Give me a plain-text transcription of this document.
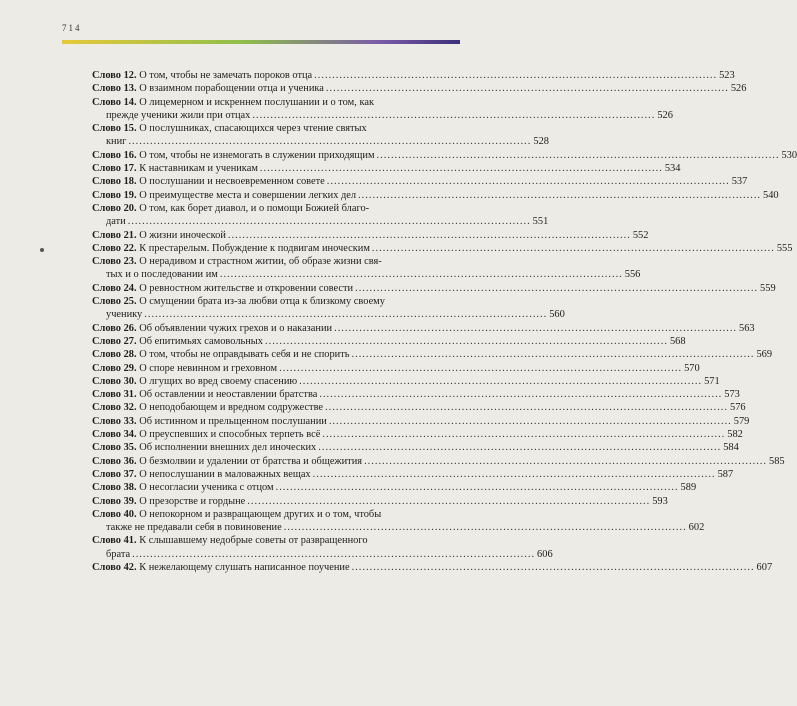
714
Слово 12. О том, чтобы не замечать пороков отца .....	523
Слово 13. О взаимном порабощении отца и ученика .....	526
Слово 14. О лицемерном и искреннем послушании и о том, как
прежде ученики жили при отцах .....	526
Слово 15. О послушниках, спасающихся через чтение святых
книг .....	528
Слово 16. О том, чтобы не изнемогать в служении приходящим .....	530
Слово 17. К наставникам и ученикам .....	534
Слово 18. О послушании и несвоевременном совете .....	537
Слово 19. О преимуществе места и совершении легких дел .....	540
Слово 20. О том, как борет диавол, и о помощи Божией благо-
дати .....	551
Слово 21. О жизни иноческой .....	552
Слово 22. К престарелым. Побуждение к подвигам иноческим .....	555
Слово 23. О нерадивом и страстном житии, об образе жизни свя-
тых и о последовании им .....	556
Слово 24. О ревностном жительстве и откровении совести .....	559
Слово 25. О смущении брата из-за любви отца к близкому своему
ученику .....	560
Слово 26. Об объявлении чужих грехов и о наказании .....	563
Слово 27. Об епитимьях самовольных .....	568
Слово 28. О том, чтобы не оправдывать себя и не спорить .....	569
Слово 29. О споре невинном и греховном .....	570
Слово 30. О лгущих во вред своему спасению .....	571
Слово 31. Об оставлении и неоставлении братства .....	573
Слово 32. О неподобающем и вредном содружестве .....	576
Слово 33. Об истинном и прельщенном послушании .....	579
Слово 34. О преуспевших и способных терпеть всё .....	582
Слово 35. Об исполнении внешних дел иноческих .....	584
Слово 36. О безмолвии и удалении от братства и общежития .....	585
Слово 37. О непослушании в маловажных вещах .....	587
Слово 38. О несогласии ученика с отцом .....	589
Слово 39. О презорстве и гордыне .....	593
Слово 40. О непокорном и развращающем других и о том, чтобы
также не предавали себя в повиновение .....	602
Слово 41. К слышавшему недобрые советы от развращенного
брата .....	606
Слово 42. К нежелающему слушать написанное поучение .....	607
